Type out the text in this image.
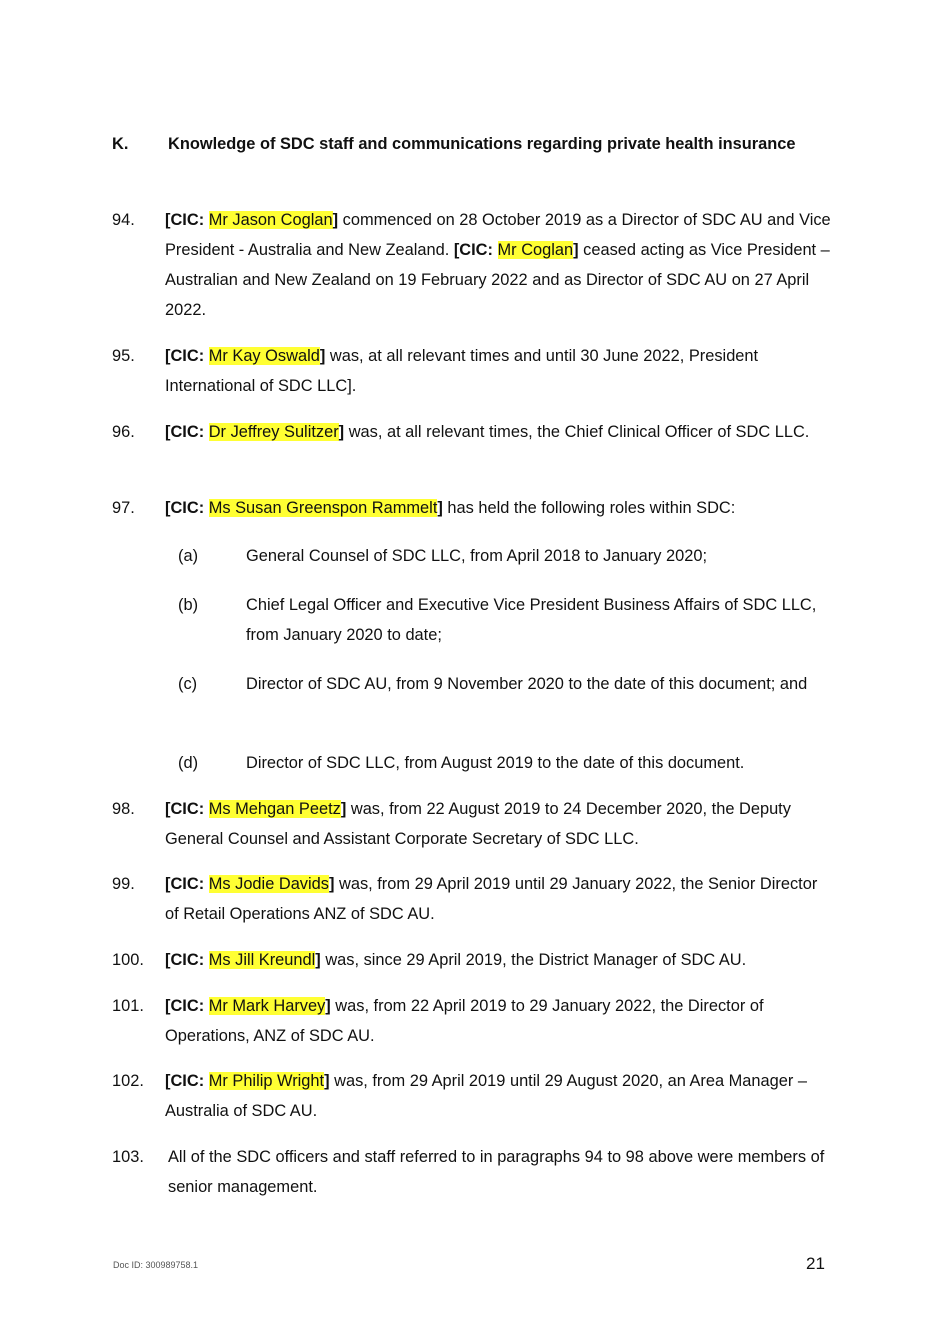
K. Knowledge of SDC staff and communications regarding private health insurance
94. [CIC: Mr Jason Coglan] commenced on 28 October 2019 as a Director of SDC AU and Vice President - Australia and New Zealand. [CIC: Mr Coglan] ceased acting as Vice President – Australian and New Zealand on 19 February 2022 and as Director of SDC AU on 27 April 2022.
95. [CIC: Mr Kay Oswald] was, at all relevant times and until 30 June 2022, President International of SDC LLC].
96. [CIC: Dr Jeffrey Sulitzer] was, at all relevant times, the Chief Clinical Officer of SDC LLC.
97. [CIC: Ms Susan Greenspon Rammelt] has held the following roles within SDC:
(a)	General Counsel of SDC LLC, from April 2018 to January 2020;
(b)	Chief Legal Officer and Executive Vice President Business Affairs of SDC LLC, from January 2020 to date;
(c)	Director of SDC AU, from 9 November 2020 to the date of this document; and
(d)	Director of SDC LLC, from August 2019 to the date of this document.
98. [CIC: Ms Mehgan Peetz] was, from 22 August 2019 to 24 December 2020, the Deputy General Counsel and Assistant Corporate Secretary of SDC LLC.
99. [CIC: Ms Jodie Davids] was, from 29 April 2019 until 29 January 2022, the Senior Director of Retail Operations ANZ of SDC AU.
100. [CIC: Ms Jill Kreundl] was, since 29 April 2019, the District Manager of SDC AU.
101. [CIC: Mr Mark Harvey] was, from 22 April 2019 to 29 January 2022, the Director of Operations, ANZ of SDC AU.
102. [CIC: Mr Philip Wright] was, from 29 April 2019 until 29 August 2020, an Area Manager – Australia of SDC AU.
103. All of the SDC officers and staff referred to in paragraphs 94 to 98 above were members of senior management.
Doc ID: 300989758.1	21
